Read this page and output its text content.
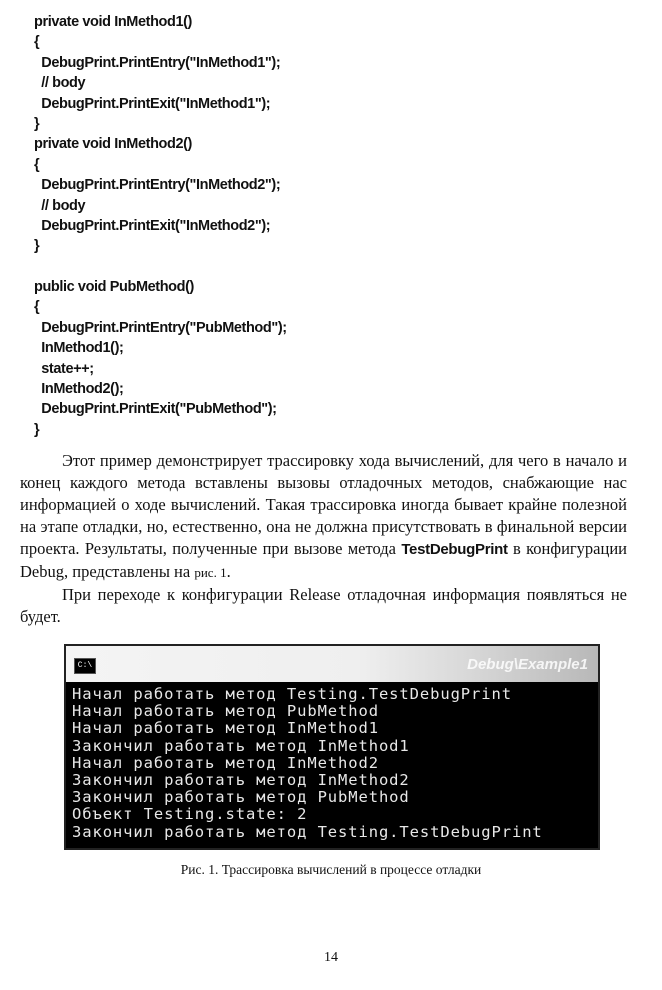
private void InMethod1()
{
DebugPrint.PrintEntry("InMethod1");
// body
DebugPrint.PrintExit("InMethod1");
}
private void InMethod2()
{
DebugPrint.PrintEntry("InMethod2");
// body
DebugPrint.PrintExit("InMethod2");
}
public void PubMethod()
{
DebugPrint.PrintEntry("PubMethod");
InMethod1();
state++;
InMethod2();
DebugPrint.PrintExit("PubMethod");
}

Этот пример демонстрирует трассировку хода вычислений, для чего в начало и конец каждого метода вставлены вызовы отладочных методов, снабжающие нас информацией о ходе вычислений. Такая трассировка иногда бывает крайне полезной на этапе отладки, но, естественно, она не должна присутствовать в финальной версии проекта. Результаты, полученные при вызове метода TestDebugPrint в конфигурации Debug, представлены на рис. 1.

При переходе к конфигурации Release отладочная информация появляться не будет.

C:\	Debug\Example1
Начал работать метод Testing.TestDebugPrint
Начал работать метод PubMethod
Начал работать метод InMethod1
Закончил работать метод InMethod1
Начал работать метод InMethod2
Закончил работать метод InMethod2
Закончил работать метод PubMethod
Объект Testing.state: 2
Закончил работать метод Testing.TestDebugPrint
Рис. 1. Трассировка вычислений в процессе отладки
14
